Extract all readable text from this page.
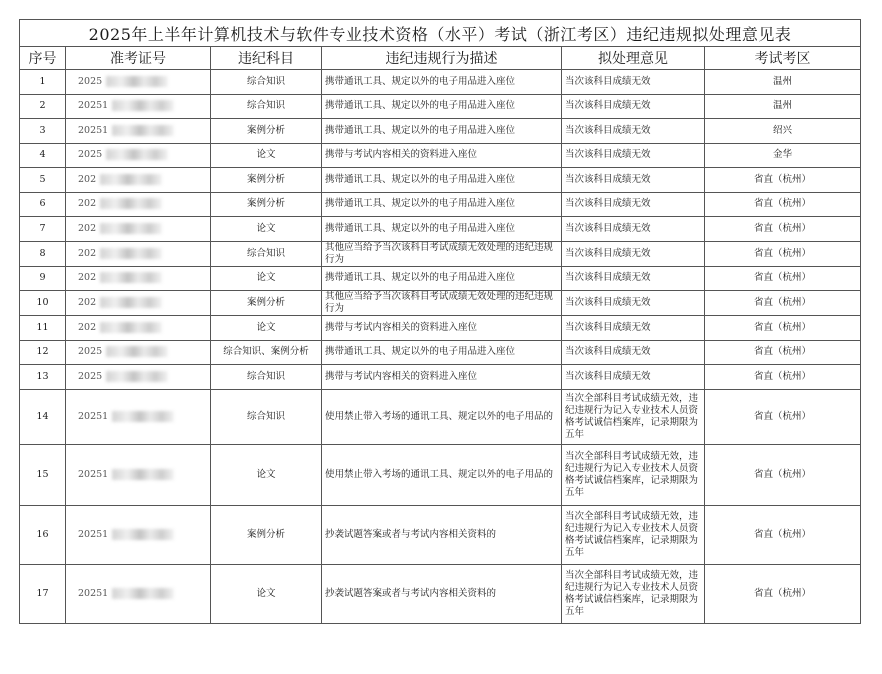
2025年上半年计算机技术与软件专业技术资格（水平）考试（浙江考区）违纪违规拟处理意见表					
序号	准考证号	违纪科目	违纪违规行为描述	拟处理意见	考试考区
1	2025	综合知识	携带通讯工具、规定以外的电子用品进入座位	当次该科目成绩无效	温州
2	20251	综合知识	携带通讯工具、规定以外的电子用品进入座位	当次该科目成绩无效	温州
3	20251	案例分析	携带通讯工具、规定以外的电子用品进入座位	当次该科目成绩无效	绍兴
4	2025	论文	携带与考试内容相关的资料进入座位	当次该科目成绩无效	金华
5	202	案例分析	携带通讯工具、规定以外的电子用品进入座位	当次该科目成绩无效	省直（杭州）
6	202	案例分析	携带通讯工具、规定以外的电子用品进入座位	当次该科目成绩无效	省直（杭州）
7	202	论文	携带通讯工具、规定以外的电子用品进入座位	当次该科目成绩无效	省直（杭州）
8	202	综合知识	其他应当给予当次该科目考试成绩无效处理的违纪违规行为	当次该科目成绩无效	省直（杭州）
9	202	论文	携带通讯工具、规定以外的电子用品进入座位	当次该科目成绩无效	省直（杭州）
10	202	案例分析	其他应当给予当次该科目考试成绩无效处理的违纪违规行为	当次该科目成绩无效	省直（杭州）
11	202	论文	携带与考试内容相关的资料进入座位	当次该科目成绩无效	省直（杭州）
12	2025	综合知识、案例分析	携带通讯工具、规定以外的电子用品进入座位	当次该科目成绩无效	省直（杭州）
13	2025	综合知识	携带与考试内容相关的资料进入座位	当次该科目成绩无效	省直（杭州）
14	20251	综合知识	使用禁止带入考场的通讯工具、规定以外的电子用品的	当次全部科目考试成绩无效，违纪违规行为记入专业技术人员资格考试诚信档案库，记录期限为五年	省直（杭州）
15	20251	论文	使用禁止带入考场的通讯工具、规定以外的电子用品的	当次全部科目考试成绩无效，违纪违规行为记入专业技术人员资格考试诚信档案库，记录期限为五年	省直（杭州）
16	20251	案例分析	抄袭试题答案或者与考试内容相关资料的	当次全部科目考试成绩无效，违纪违规行为记入专业技术人员资格考试诚信档案库，记录期限为五年	省直（杭州）
17	20251	论文	抄袭试题答案或者与考试内容相关资料的	当次全部科目考试成绩无效，违纪违规行为记入专业技术人员资格考试诚信档案库，记录期限为五年	省直（杭州）
